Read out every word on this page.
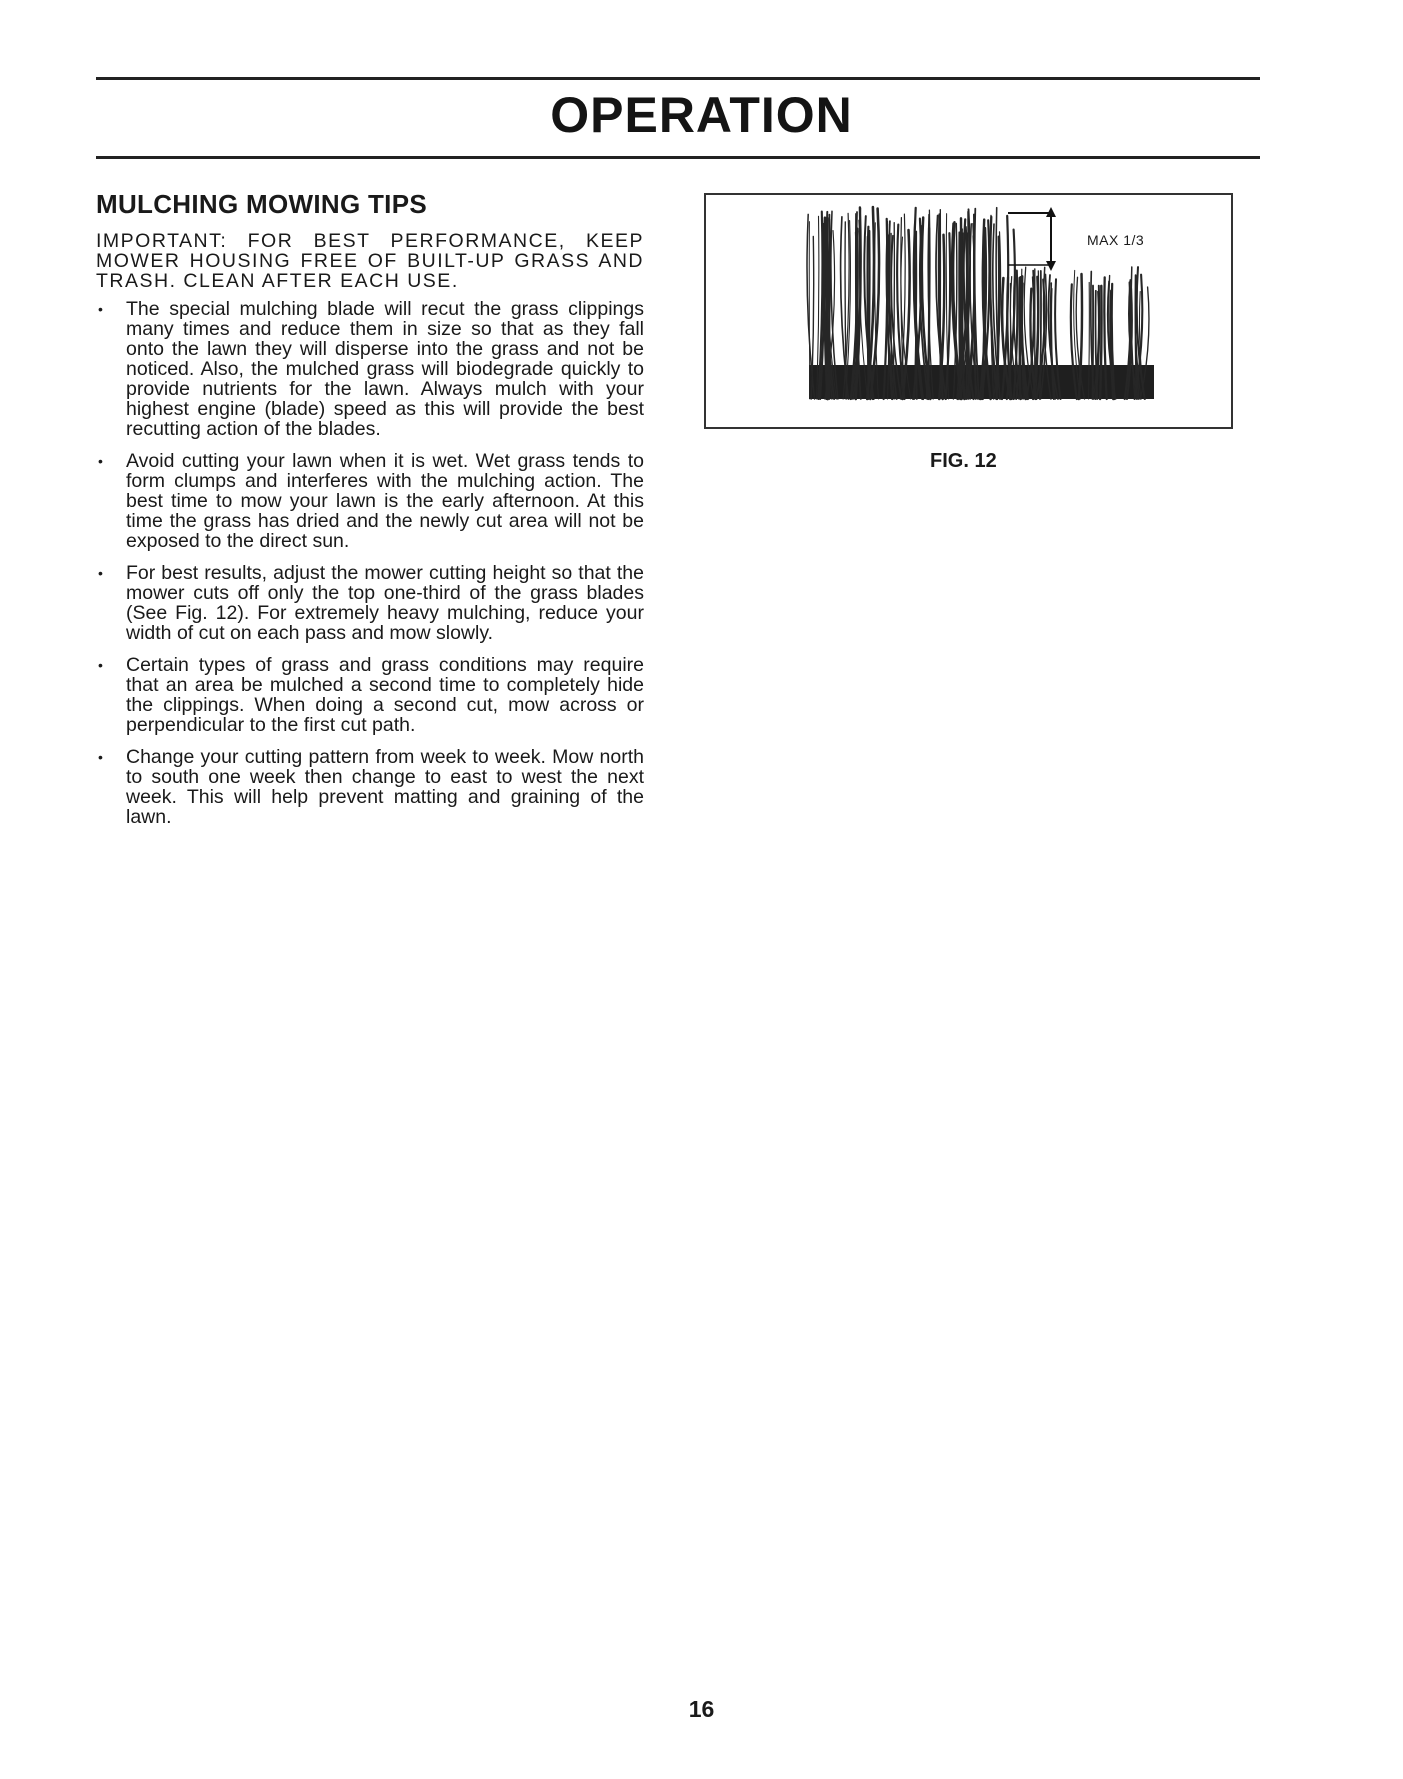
OPERATION
MULCHING MOWING TIPS

IMPORTANT: FOR BEST PERFORMANCE, KEEP MOWER HOUSING FREE OF BUILT-UP GRASS AND TRASH. CLEAN AFTER EACH USE.

• The special mulching blade will recut the grass clippings many times and reduce them in size so that as they fall onto the lawn they will disperse into the grass and not be noticed. Also, the mulched grass will biodegrade quickly to provide nutrients for the lawn. Always mulch with your highest engine (blade) speed as this will provide the best recutting action of the blades.
• Avoid cutting your lawn when it is wet. Wet grass tends to form clumps and interferes with the mulching action. The best time to mow your lawn is the early afternoon. At this time the grass has dried and the newly cut area will not be exposed to the direct sun.
• For best results, adjust the mower cutting height so that the mower cuts off only the top one-third of the grass blades (See Fig. 12). For extremely heavy mulching, reduce your width of cut on each pass and mow slowly.
• Certain types of grass and grass conditions may require that an area be mulched a second time to completely hide the clippings. When doing a second cut, mow across or perpendicular to the first cut path.
• Change your cutting pattern from week to week. Mow north to south one week then change to east to west the next week. This will help prevent matting and graining of the lawn.
MAX 1/3
FIG. 12
16
